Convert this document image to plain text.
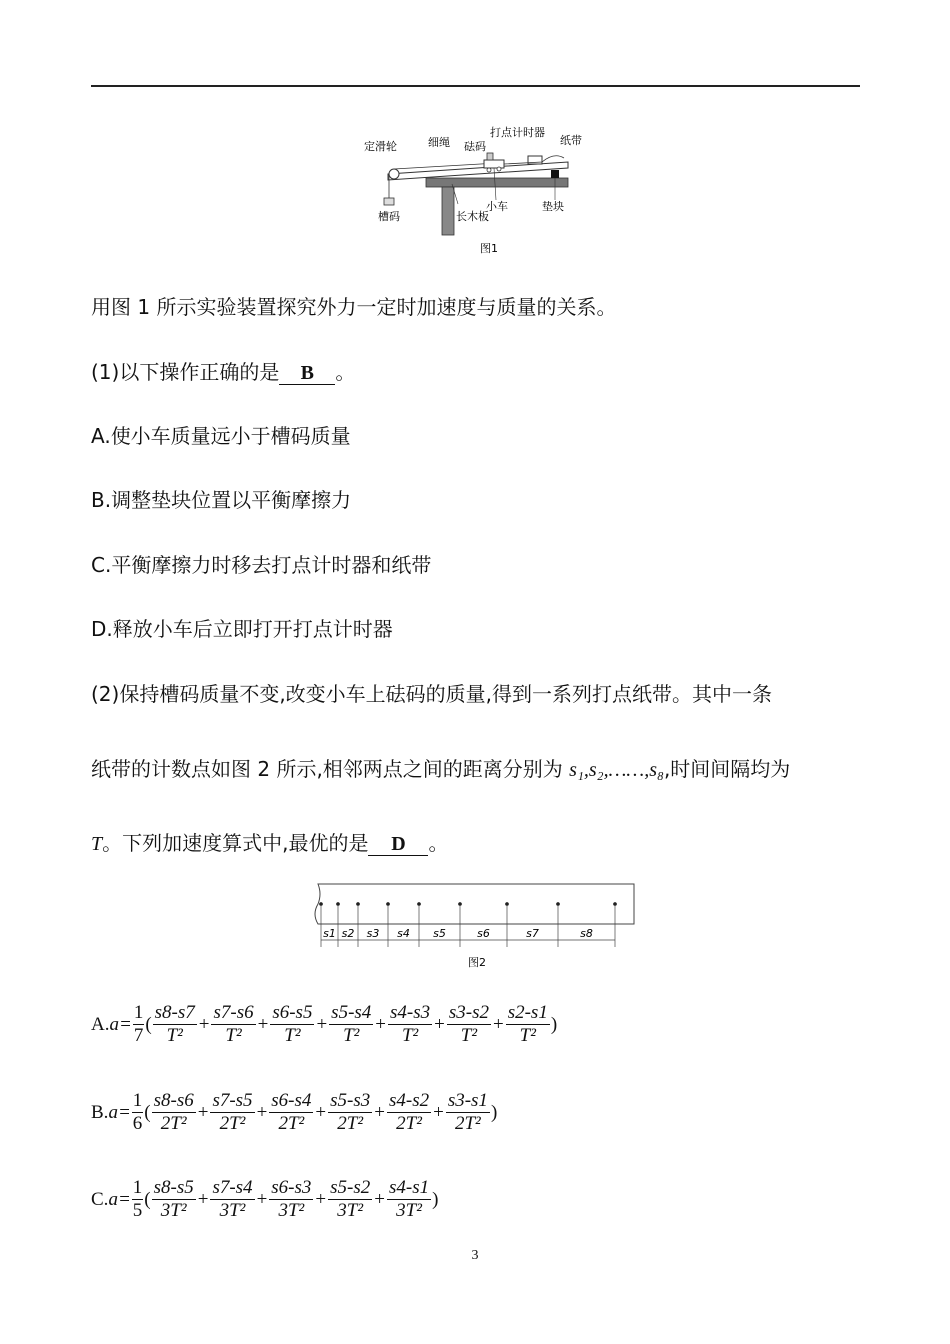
定滑轮	细绳 砝码
打点计时器
纸带
槽码	长木板
小车	垫块
图1
用图 1 所示实验装置探究外力一定时加速度与质量的关系。
(1)以下操作正确的是 B 。
A.使小车质量远小于槽码质量
B.调整垫块位置以平衡摩擦力
C.平衡摩擦力时移去打点计时器和纸带
D.释放小车后立即打开打点计时器
(2)保持槽码质量不变,改变小车上砝码的质量,得到一系列打点纸带。其中一条
纸带的计数点如图 2 所示,相邻两点之间的距离分别为 s₁,s₂,……,s₈,时间间隔均为
T。下列加速度算式中,最优的是 D 。
s1 s2 s3 s4 s5	s6	s7	s8
图2
A. $a= \frac{1}{7}$ ( $\frac{s8-s7}{\text{T²}} + \frac{s7-s6}{\text{T²}} + \frac{s6-s5}{\text{T²}} + \frac{s5-s4}{\text{T²}} + \frac{s4-s3}{\text{T²}} + \frac{s3-s2}{\text{T²}} + \frac{s2-s1}{\text{T²}}$ )
B. $a= \frac{1}{6}$ ( $\frac{s8-s6}{\text{2T²}} + \frac{s7-s5}{\text{2T²}} + \frac{s6-s4}{\text{2T²}} + \frac{s5-s3}{\text{2T²}} + \frac{s4-s2}{\text{2T²}} + \frac{s3-s1}{\text{2T²}}$ )
C. $a= \frac{1}{5}$ ( $\frac{s8-s5}{\text{3T²}} + \frac{s7-s4}{\text{3T²}} + \frac{s6-s3}{\text{3T²}} + \frac{s5-s2}{\text{3T²}} + \frac{s4-s1}{\text{3T²}}$ )
3
